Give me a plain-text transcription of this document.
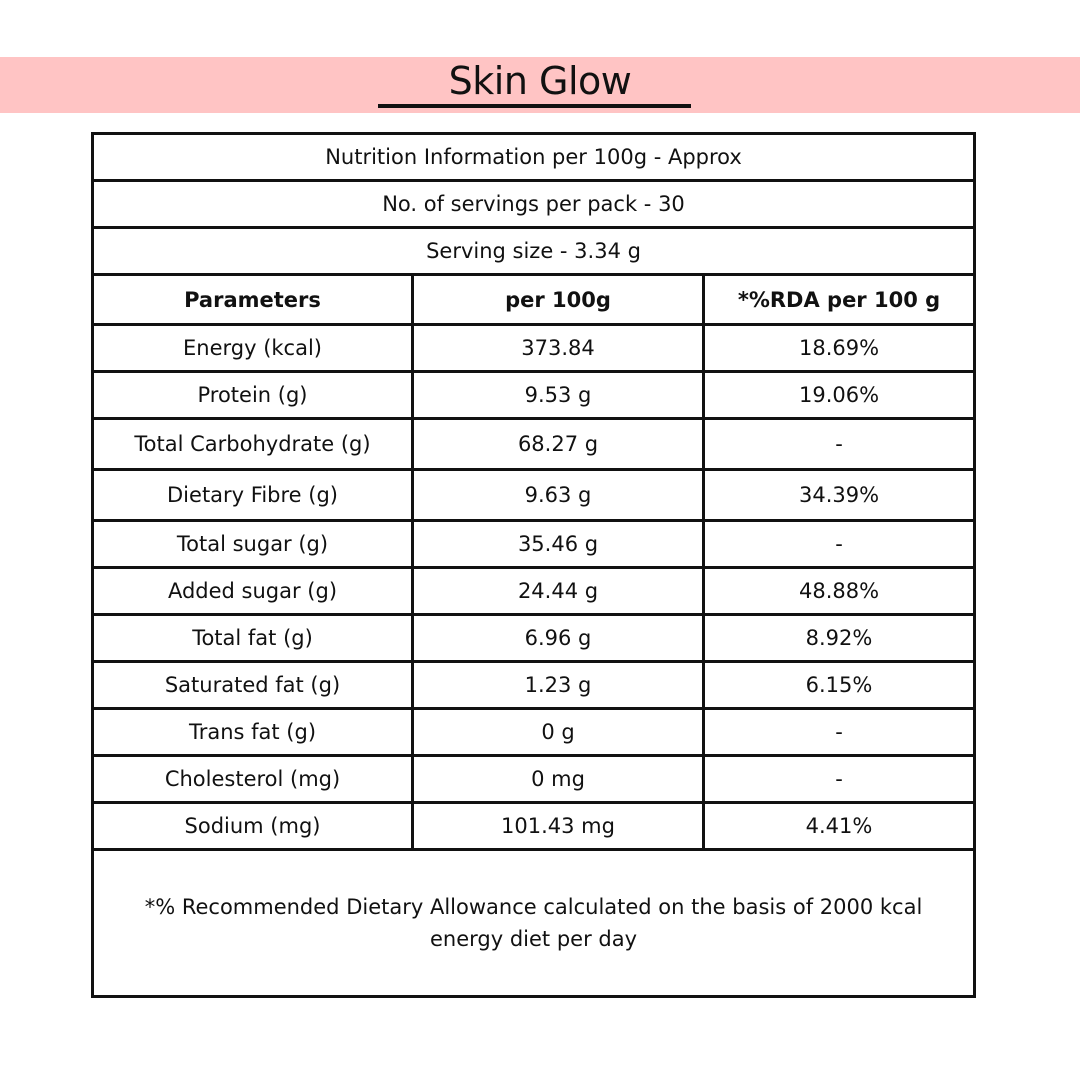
Skin Glow
Nutrition Information per 100g - Approx		
No. of servings per pack - 30		
Serving size - 3.34 g		
Parameters	per 100g	*%RDA per 100 g
Energy (kcal)	373.84	18.69%
Protein (g)	9.53 g	19.06%
Total Carbohydrate (g)	68.27 g	-
Dietary Fibre (g)	9.63 g	34.39%
Total sugar (g)	35.46 g	-
Added sugar (g)	24.44 g	48.88%
Total fat (g)	6.96 g	8.92%
Saturated fat (g)	1.23 g	6.15%
Trans fat (g)	0 g	-
Cholesterol (mg)	0 mg	-
Sodium (mg)	101.43 mg	4.41%
*% Recommended Dietary Allowance calculated on the basis of 2000 kcal energy diet per day		
